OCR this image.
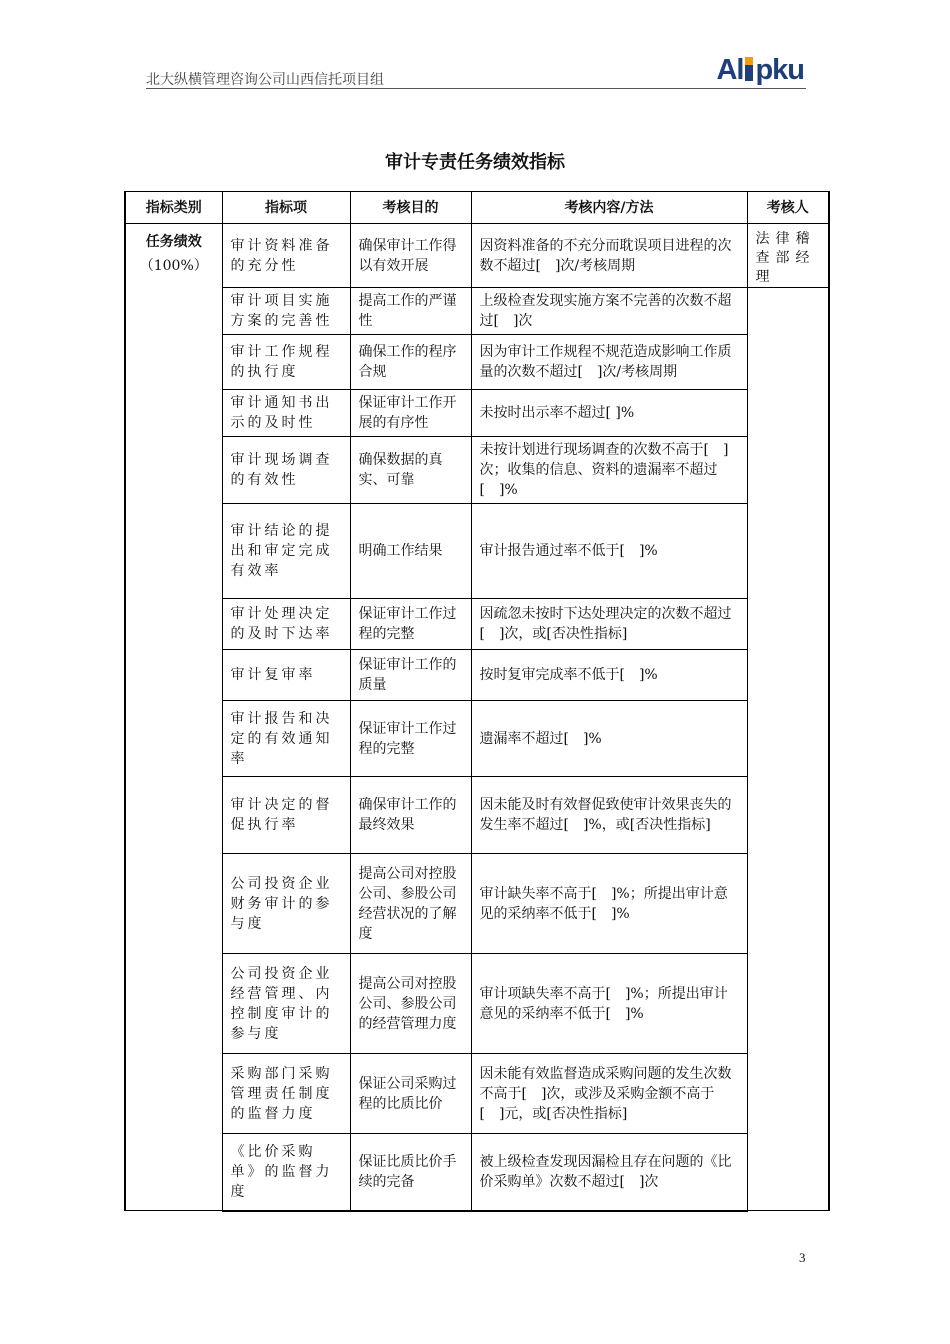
北大纵横管理咨询公司山西信托项目组	Al pku
审计专责任务绩效指标
指标类别	指标项	考核目的	考核内容/方法	考核人

任务绩效
（100%）	审计资料准备的充分性	确保审计工作得以有效开展	因资料准备的不充分而耽误项目进程的次数不超过[　]次/考核周期	法律稽查部经理
	审计项目实施方案的完善性	提高工作的严谨性	上级检查发现实施方案不完善的次数不超过[　]次	
	审计工作规程的执行度	确保工作的程序合规	因为审计工作规程不规范造成影响工作质量的次数不超过[　]次/考核周期	
	审计通知书出示的及时性	保证审计工作开展的有序性	未按时出示率不超过[ ]%	
	审计现场调查的有效性	确保数据的真实、可靠	未按计划进行现场调查的次数不高于[　]次；收集的信息、资料的遗漏率不超过[　]%	
	审计结论的提出和审定完成有效率	明确工作结果	审计报告通过率不低于[　]%	
	审计处理决定的及时下达率	保证审计工作过程的完整	因疏忽未按时下达处理决定的次数不超过[　]次，或[否决性指标]	
	审计复审率	保证审计工作的质量	按时复审完成率不低于[　]%	
	审计报告和决定的有效通知率	保证审计工作过程的完整	遗漏率不超过[　]%	
	审计决定的督促执行率	确保审计工作的最终效果	因未能及时有效督促致使审计效果丧失的发生率不超过[　]%，或[否决性指标]	
	公司投资企业财务审计的参与度	提高公司对控股公司、参股公司经营状况的了解度	审计缺失率不高于[　]%；所提出审计意见的采纳率不低于[　]%	
	公司投资企业经营管理、内控制度审计的参与度	提高公司对控股公司、参股公司的经营管理力度	审计项缺失率不高于[　]%；所提出审计意见的采纳率不低于[　]%	
	采购部门采购管理责任制度的监督力度	保证公司采购过程的比质比价	因未能有效监督造成采购问题的发生次数不高于[　]次，或涉及采购金额不高于[　]元，或[否决性指标]	
	《比价采购单》的监督力度	保证比质比价手续的完备	被上级检查发现因漏检且存在问题的《比价采购单》次数不超过[　]次	
3
